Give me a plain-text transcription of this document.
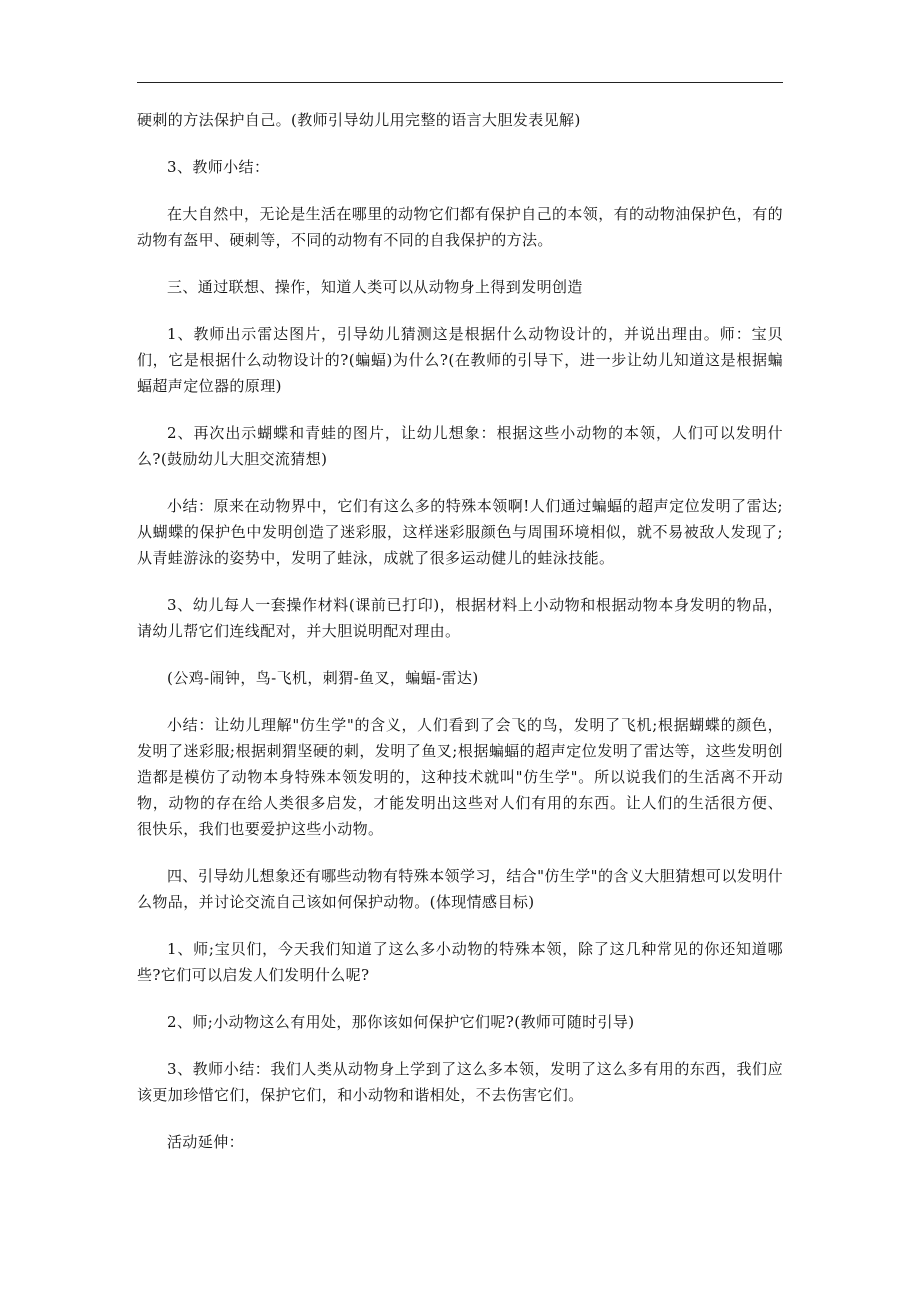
硬刺的方法保护自己。(教师引导幼儿用完整的语言大胆发表见解)

3、教师小结：

在大自然中，无论是生活在哪里的动物它们都有保护自己的本领，有的动物油保护色，有的动物有盔甲、硬刺等，不同的动物有不同的自我保护的方法。

三、通过联想、操作，知道人类可以从动物身上得到发明创造

1、教师出示雷达图片，引导幼儿猜测这是根据什么动物设计的，并说出理由。师：宝贝们，它是根据什么动物设计的?(蝙蝠)为什么?(在教师的引导下，进一步让幼儿知道这是根据蝙蝠超声定位器的原理)

2、再次出示蝴蝶和青蛙的图片，让幼儿想象：根据这些小动物的本领，人们可以发明什么?(鼓励幼儿大胆交流猜想)

小结：原来在动物界中，它们有这么多的特殊本领啊!人们通过蝙蝠的超声定位发明了雷达;从蝴蝶的保护色中发明创造了迷彩服，这样迷彩服颜色与周围环境相似，就不易被敌人发现了;从青蛙游泳的姿势中，发明了蛙泳，成就了很多运动健儿的蛙泳技能。

3、幼儿每人一套操作材料(课前已打印)，根据材料上小动物和根据动物本身发明的物品，请幼儿帮它们连线配对，并大胆说明配对理由。

(公鸡-闹钟，鸟-飞机，刺猬-鱼叉，蝙蝠-雷达)

小结：让幼儿理解"仿生学"的含义，人们看到了会飞的鸟，发明了飞机;根据蝴蝶的颜色，发明了迷彩服;根据刺猬坚硬的刺，发明了鱼叉;根据蝙蝠的超声定位发明了雷达等，这些发明创造都是模仿了动物本身特殊本领发明的，这种技术就叫"仿生学"。所以说我们的生活离不开动物，动物的存在给人类很多启发，才能发明出这些对人们有用的东西。让人们的生活很方便、很快乐，我们也要爱护这些小动物。

四、引导幼儿想象还有哪些动物有特殊本领学习，结合"仿生学"的含义大胆猜想可以发明什么物品，并讨论交流自己该如何保护动物。(体现情感目标)

1、师;宝贝们，今天我们知道了这么多小动物的特殊本领，除了这几种常见的你还知道哪些?它们可以启发人们发明什么呢?

2、师;小动物这么有用处，那你该如何保护它们呢?(教师可随时引导)

3、教师小结：我们人类从动物身上学到了这么多本领，发明了这么多有用的东西，我们应该更加珍惜它们，保护它们，和小动物和谐相处，不去伤害它们。

活动延伸：
